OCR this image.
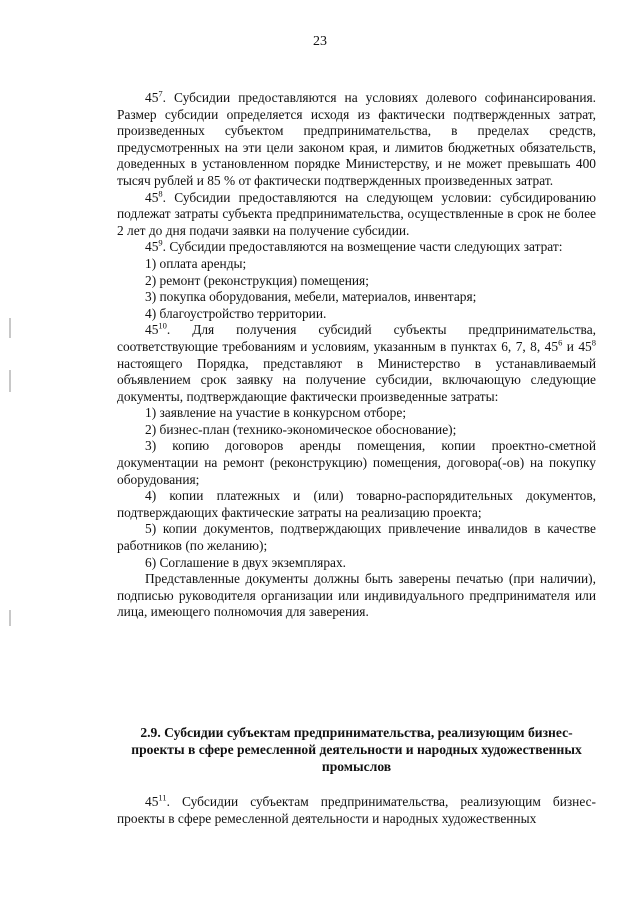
23

$45^7$. Субсидии предоставляются на условиях долевого софинансирования. Размер субсидии определяется исходя из фактически подтвержденных затрат, произведенных субъектом предпринимательства, в пределах средств, предусмотренных на эти цели законом края, и лимитов бюджетных обязательств, доведенных в установленном порядке Министерству, и не может превышать 400 тысяч рублей и 85 % от фактически подтвержденных произведенных затрат.

$45^8$. Субсидии предоставляются на следующем условии: субсидированию подлежат затраты субъекта предпринимательства, осуществленные в срок не более 2 лет до дня подачи заявки на получение субсидии.

$45^9$. Субсидии предоставляются на возмещение части следующих затрат:

1) оплата аренды;

2) ремонт (реконструкция) помещения;

3) покупка оборудования, мебели, материалов, инвентаря;

4) благоустройство территории.

$45^{10}$. Для получения субсидий субъекты предпринимательства, соответствующие требованиям и условиям, указанным в пунктах 6, 7, 8, $45^6$ и $45^8$ настоящего Порядка, представляют в Министерство в устанавливаемый объявлением срок заявку на получение субсидии, включающую следующие документы, подтверждающие фактически произведенные затраты:

1) заявление на участие в конкурсном отборе;

2) бизнес-план (технико-экономическое обоснование);

3) копию договоров аренды помещения, копии проектно-сметной документации на ремонт (реконструкцию) помещения, договора(-ов) на покупку оборудования;

4) копии платежных и (или) товарно-распорядительных документов, подтверждающих фактические затраты на реализацию проекта;

5) копии документов, подтверждающих привлечение инвалидов в качестве работников (по желанию);

6) Соглашение в двух экземплярах.

Представленные документы должны быть заверены печатью (при наличии), подписью руководителя организации или индивидуального предпринимателя или лица, имеющего полномочия для заверения.

2.9. Субсидии субъектам предпринимательства, реализующим бизнес-проекты в сфере ремесленной деятельности и народных художественных промыслов

$45^{11}$. Субсидии субъектам предпринимательства, реализующим бизнес-проекты в сфере ремесленной деятельности и народных художественных
